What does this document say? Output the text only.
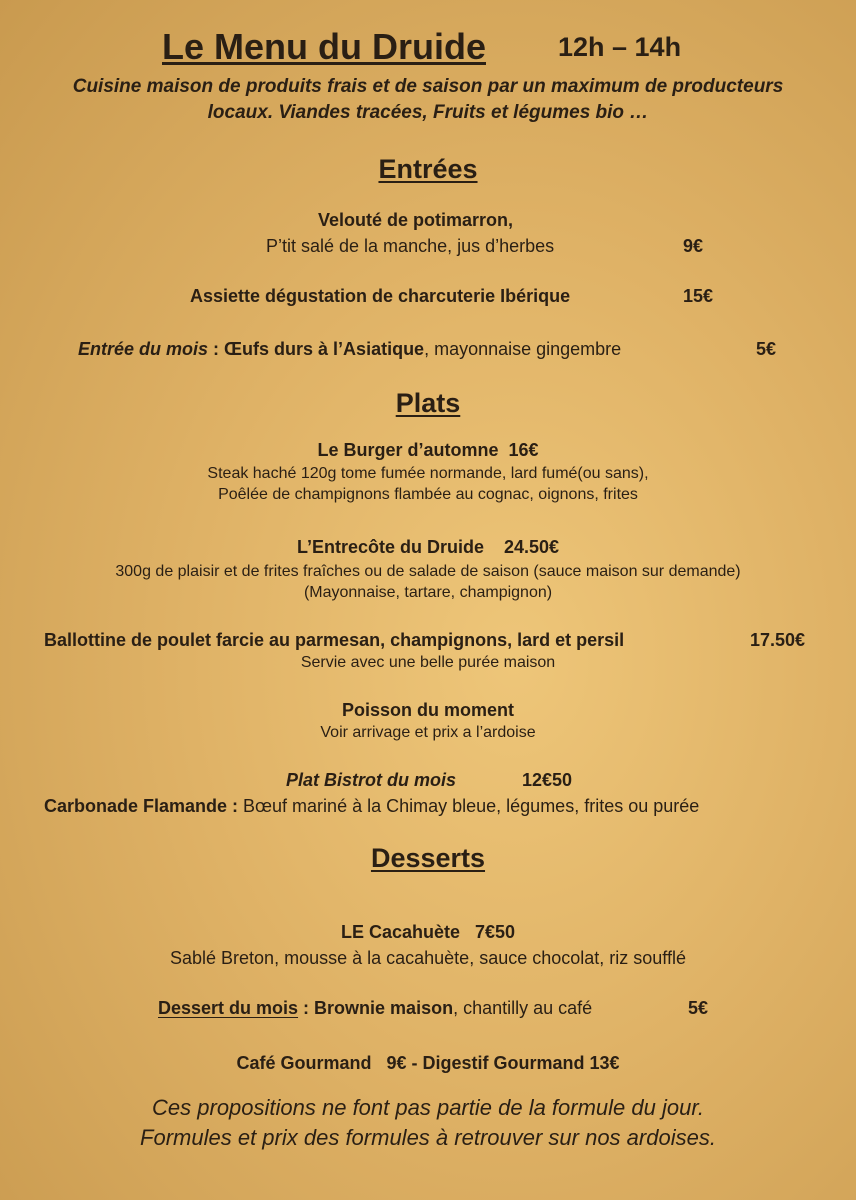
Le Menu du Druide	12h – 14h
Cuisine maison de produits frais et de saison par un maximum de producteurs
locaux. Viandes tracées, Fruits et légumes bio …
Entrées
Velouté de potimarron,
P’tit salé de la manche, jus d’herbes	9€
Assiette dégustation de charcuterie Ibérique	15€
Entrée du mois : Œufs durs à l’Asiatique, mayonnaise gingembre	5€
Plats
Le Burger d’automne  16€
Steak haché 120g tome fumée normande, lard fumé(ou sans),
Poêlée de champignons flambée au cognac, oignons, frites
L’Entrecôte du Druide    24.50€
300g de plaisir et de frites fraîches ou de salade de saison (sauce maison sur demande)
(Mayonnaise, tartare, champignon)
Ballottine de poulet farcie au parmesan, champignons, lard et persil	17.50€
Servie avec une belle purée maison
Poisson du moment
Voir arrivage et prix a l’ardoise
Plat Bistrot du mois	12€50
Carbonade Flamande : Bœuf mariné à la Chimay bleue, légumes, frites ou purée
Desserts
LE Cacahuète   7€50
Sablé Breton, mousse à la cacahuète, sauce chocolat, riz soufflé
Dessert du mois : Brownie maison, chantilly au café	5€
Café Gourmand   9€ - Digestif Gourmand 13€
Ces propositions ne font pas partie de la formule du jour.
Formules et prix des formules à retrouver sur nos ardoises.
